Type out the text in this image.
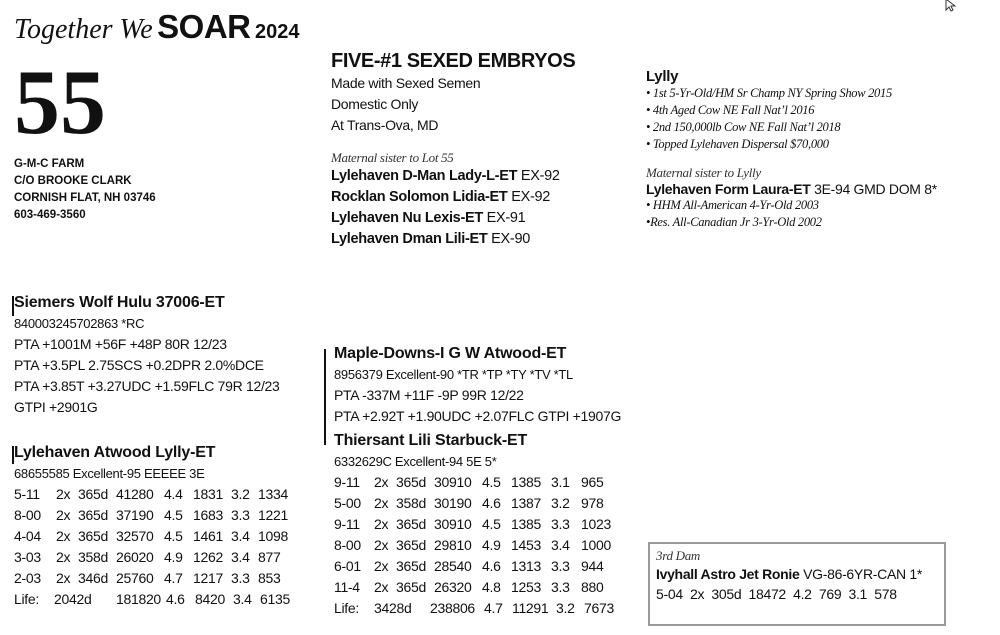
Together We SOAR 2024
55
G-M-C FARM
C/O BROOKE CLARK
CORNISH FLAT, NH 03746
603-469-3560
FIVE-#1 SEXED EMBRYOS
Made with Sexed Semen
Domestic Only
At Trans-Ova, MD
Maternal sister to Lot 55
Lylehaven D-Man Lady-L-ET EX-92
Rocklan Solomon Lidia-ET EX-92
Lylehaven Nu Lexis-ET EX-91
Lylehaven Dman Lili-ET EX-90
Lylly
• 1st 5-Yr-Old/HM Sr Champ NY Spring Show 2015
• 4th Aged Cow NE Fall Nat’l 2016
• 2nd 150,000lb Cow NE Fall Nat’l 2018
• Topped Lylehaven Dispersal $70,000
Maternal sister to Lylly
Lylehaven Form Laura-ET 3E-94 GMD DOM 8*
• HHM All-American 4-Yr-Old 2003
•Res. All-Canadian Jr 3-Yr-Old 2002
Siemers Wolf Hulu 37006-ET
840003245702863 *RC
PTA +1001M +56F +48P 80R 12/23
PTA +3.5PL 2.75SCS +0.2DPR 2.0%DCE
PTA +3.85T +3.27UDC +1.59FLC 79R 12/23
GTPI +2901G
Lylehaven Atwood Lylly-ET
68655585 Excellent-95 EEEEE 3E
5-11 2x 365d 41280 4.4 1831 3.2 1334
8-00 2x 365d 37190 4.5 1683 3.3 1221
4-04 2x 365d 32570 4.5 1461 3.4 1098
3-03 2x 358d 26020 4.9 1262 3.4 877
2-03 2x 346d 25760 4.7 1217 3.3 853
Life: 2042d 181820 4.6 8420 3.4 6135
Maple-Downs-I G W Atwood-ET
8956379 Excellent-90 *TR *TP *TY *TV *TL
PTA -337M +11F -9P 99R 12/22
PTA +2.92T +1.90UDC +2.07FLC GTPI +1907G
Thiersant Lili Starbuck-ET
6332629C Excellent-94 5E 5*
9-11 2x 365d 30910 4.5 1385 3.1 965
5-00 2x 358d 30190 4.6 1387 3.2 978
9-11 2x 365d 30910 4.5 1385 3.3 1023
8-00 2x 365d 29810 4.9 1453 3.4 1000
6-01 2x 365d 28540 4.6 1313 3.3 944
11-4 2x 365d 26320 4.8 1253 3.3 880
Life: 3428d 238806 4.7 11291 3.2 7673
3rd Dam
Ivyhall Astro Jet Ronie VG-86-6YR-CAN 1*
5-04  2x  305d  18472  4.2  769  3.1  578
